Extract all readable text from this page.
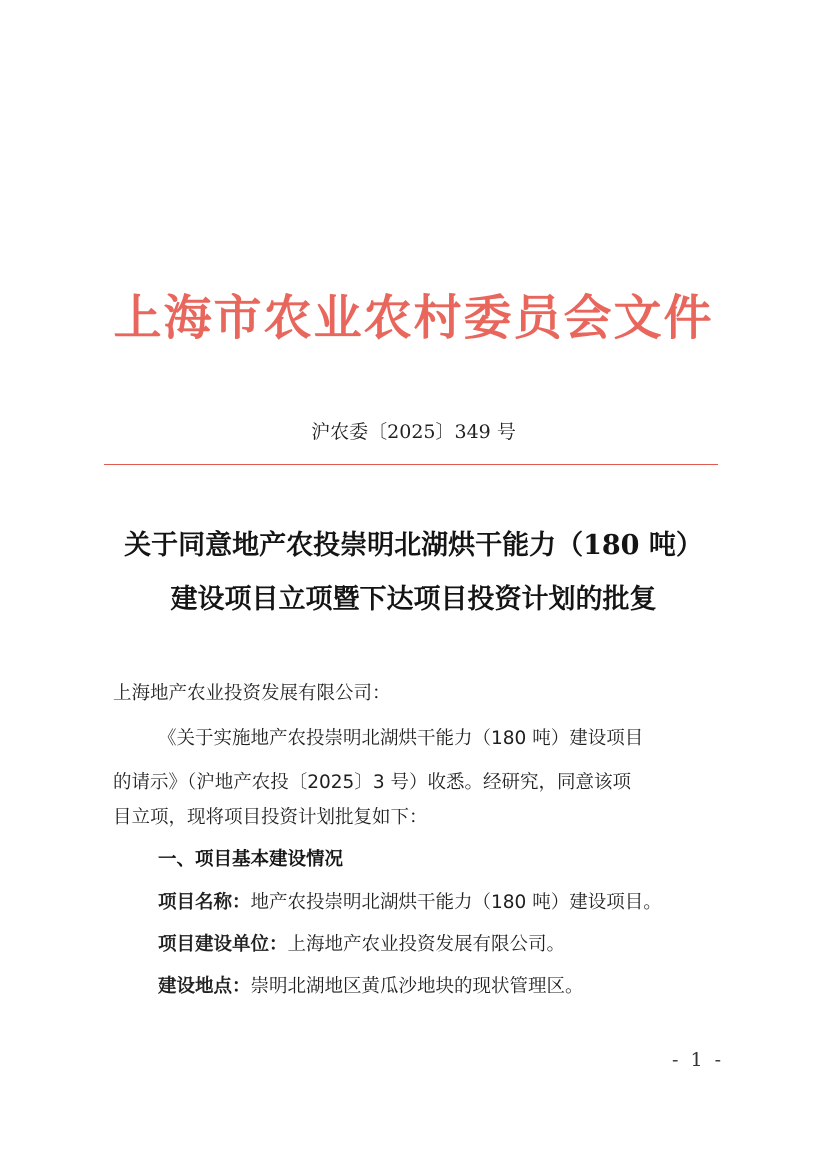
上海市农业农村委员会文件
沪农委〔2025〕349 号
关于同意地产农投崇明北湖烘干能力（180 吨）
建设项目立项暨下达项目投资计划的批复
上海地产农业投资发展有限公司：
《关于实施地产农投崇明北湖烘干能力（180 吨）建设项目
的请示》（沪地产农投〔2025〕3 号）收悉。经研究，同意该项
目立项，现将项目投资计划批复如下：
一、项目基本建设情况
项目名称：地产农投崇明北湖烘干能力（180 吨）建设项目。
项目建设单位：上海地产农业投资发展有限公司。
建设地点：崇明北湖地区黄瓜沙地块的现状管理区。
- 1 -
